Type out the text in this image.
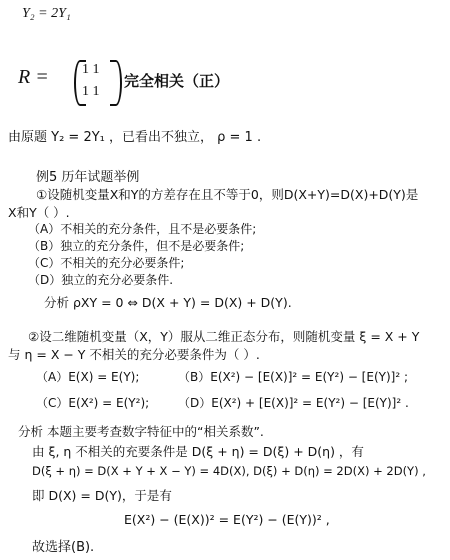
Y₂ = 2Y₁
R = 1 1
1 1
完全相关（正）
由原题 Y₂ = 2Y₁ ，已看出不独立， ρ = 1 .
例5 历年试题举例
①设随机变量X和Y的方差存在且不等于0，则D(X+Y)=D(X)+D(Y)是
X和Y（ ）.
（A）不相关的充分条件，且不是必要条件;
（B）独立的充分条件，但不是必要条件;
（C）不相关的充分必要条件;
（D）独立的充分必要条件.
分析 ρXY = 0 ⇔ D(X + Y) = D(X) + D(Y).
②设二维随机变量（X，Y）服从二维正态分布，则随机变量 ξ = X + Y
与 η = X − Y 不相关的充分必要条件为（ ）.
（A）E(X) = E(Y);	（B）E(X²) − [E(X)]² = E(Y²) − [E(Y)]² ;
（C）E(X²) = E(Y²); （D）E(X²) + [E(X)]² = E(Y²) − [E(Y)]² .
分析 本题主要考查数字特征中的“相关系数”.
由 ξ, η 不相关的充要条件是 D(ξ + η) = D(ξ) + D(η) ，有
D(ξ + η) = D(X + Y + X − Y) = 4D(X), D(ξ) + D(η) = 2D(X) + 2D(Y) ,
即 D(X) = D(Y)，于是有
E(X²) − (E(X))² = E(Y²) − (E(Y))² ,
故选择(B).
